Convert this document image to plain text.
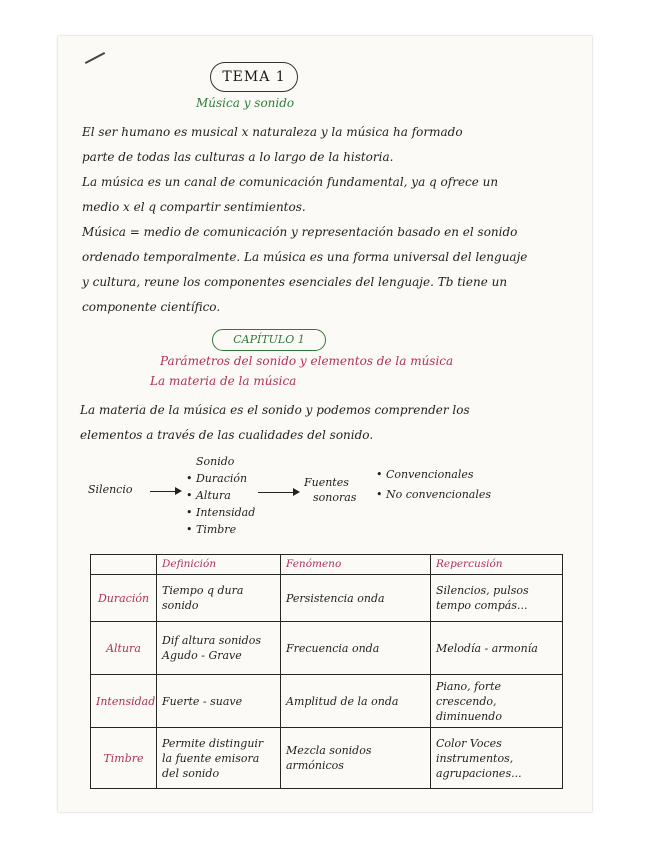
TEMA 1
Música y sonido
El ser humano es musical x naturaleza y la música ha formado
parte de todas las culturas a lo largo de la historia.
La música es un canal de comunicación fundamental, ya q ofrece un
medio x el q compartir sentimientos.
Música = medio de comunicación y representación basado en el sonido
ordenado temporalmente. La música es una forma universal del lenguaje
y cultura, reune los componentes esenciales del lenguaje. Tb tiene un
componente científico.
CAPÍTULO 1
Parámetros del sonido y elementos de la música
La materia de la música
La materia de la música es el sonido y podemos comprender los
elementos a través de las cualidades del sonido.
Sonido
Silencio
• Duración
• Altura
• Intensidad
• Timbre
Fuentes
sonoras
• Convencionales
• No convencionales
	Definición	Fenómeno	Repercusión
Duración	Tiempo q dura sonido	Persistencia onda	Silencios, pulsos tempo compás...
Altura	Dif altura sonidos Agudo - Grave	Frecuencia onda	Melodía - armonía
Intensidad	Fuerte - suave	Amplitud de la onda	Piano, forte crescendo, diminuendo
Timbre	Permite distinguir la fuente emisora del sonido	Mezcla sonidos armónicos	Color Voces instrumentos, agrupaciones...
